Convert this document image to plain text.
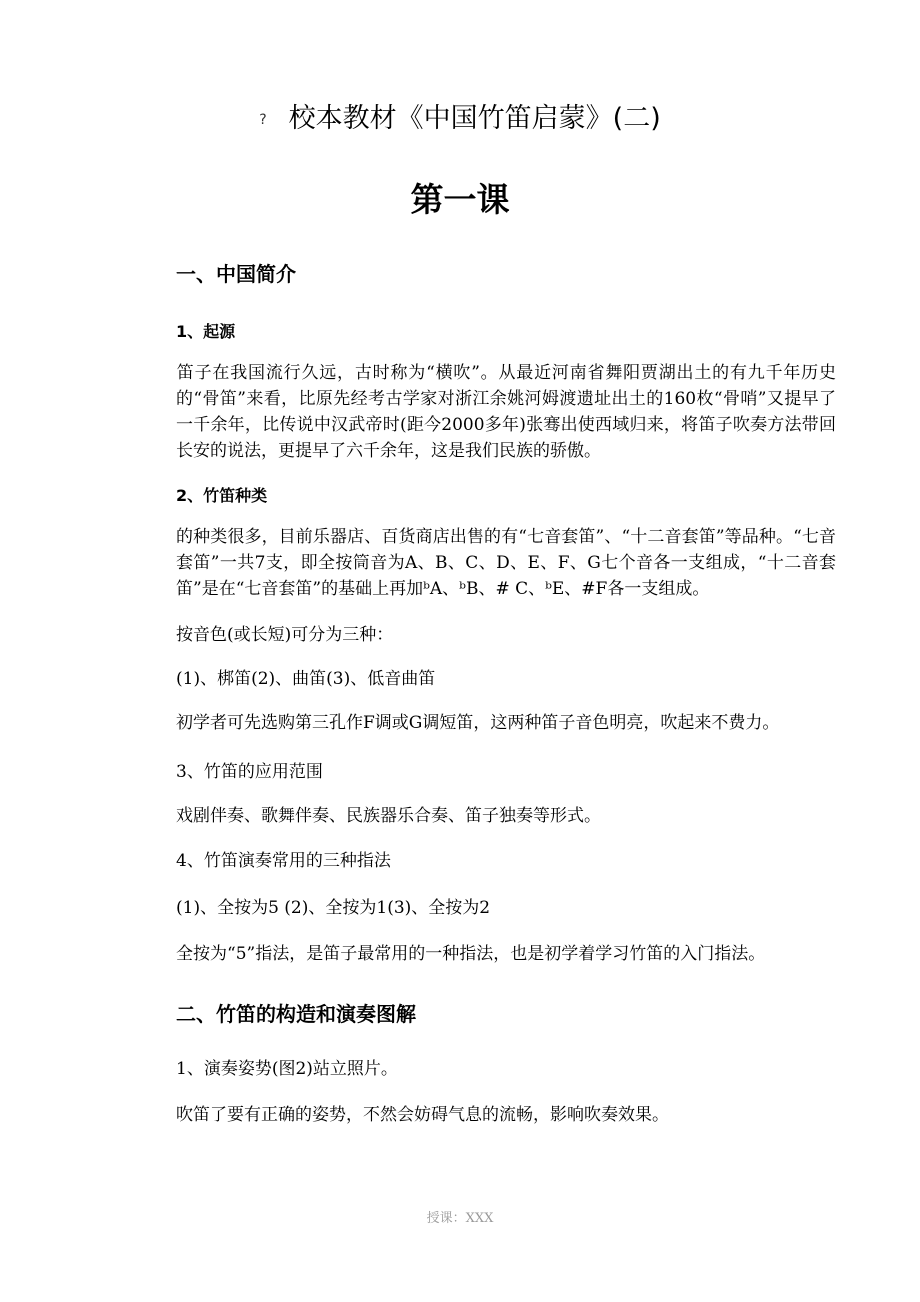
? 校本教材《中国竹笛启蒙》(二)
第一课
一、中国简介
1、起源
笛子在我国流行久远，古时称为“横吹”。从最近河南省舞阳贾湖出土的有九千年历史的“骨笛”来看，比原先经考古学家对浙江余姚河姆渡遗址出土的160枚“骨哨”又提早了一千余年，比传说中汉武帝时(距今2000多年)张骞出使西域归来，将笛子吹奏方法带回长安的说法，更提早了六千余年，这是我们民族的骄傲。
2、竹笛种类
的种类很多，目前乐器店、百货商店出售的有“七音套笛”、“十二音套笛”等品种。“七音套笛”一共7支，即全按筒音为A、B、C、D、E、F、G七个音各一支组成，“十二音套笛”是在“七音套笛”的基础上再加ᵇA、ᵇB、# C、ᵇE、#F各一支组成。
按音色(或长短)可分为三种：
(1)、梆笛(2)、曲笛(3)、低音曲笛
初学者可先选购第三孔作F调或G调短笛，这两种笛子音色明亮，吹起来不费力。
3、竹笛的应用范围
戏剧伴奏、歌舞伴奏、民族器乐合奏、笛子独奏等形式。
4、竹笛演奏常用的三种指法
(1)、全按为5 (2)、全按为1(3)、全按为2
全按为“5”指法，是笛子最常用的一种指法，也是初学着学习竹笛的入门指法。
二、竹笛的构造和演奏图解
1、演奏姿势(图2)站立照片。
吹笛了要有正确的姿势，不然会妨碍气息的流畅，影响吹奏效果。
授课：XXX
